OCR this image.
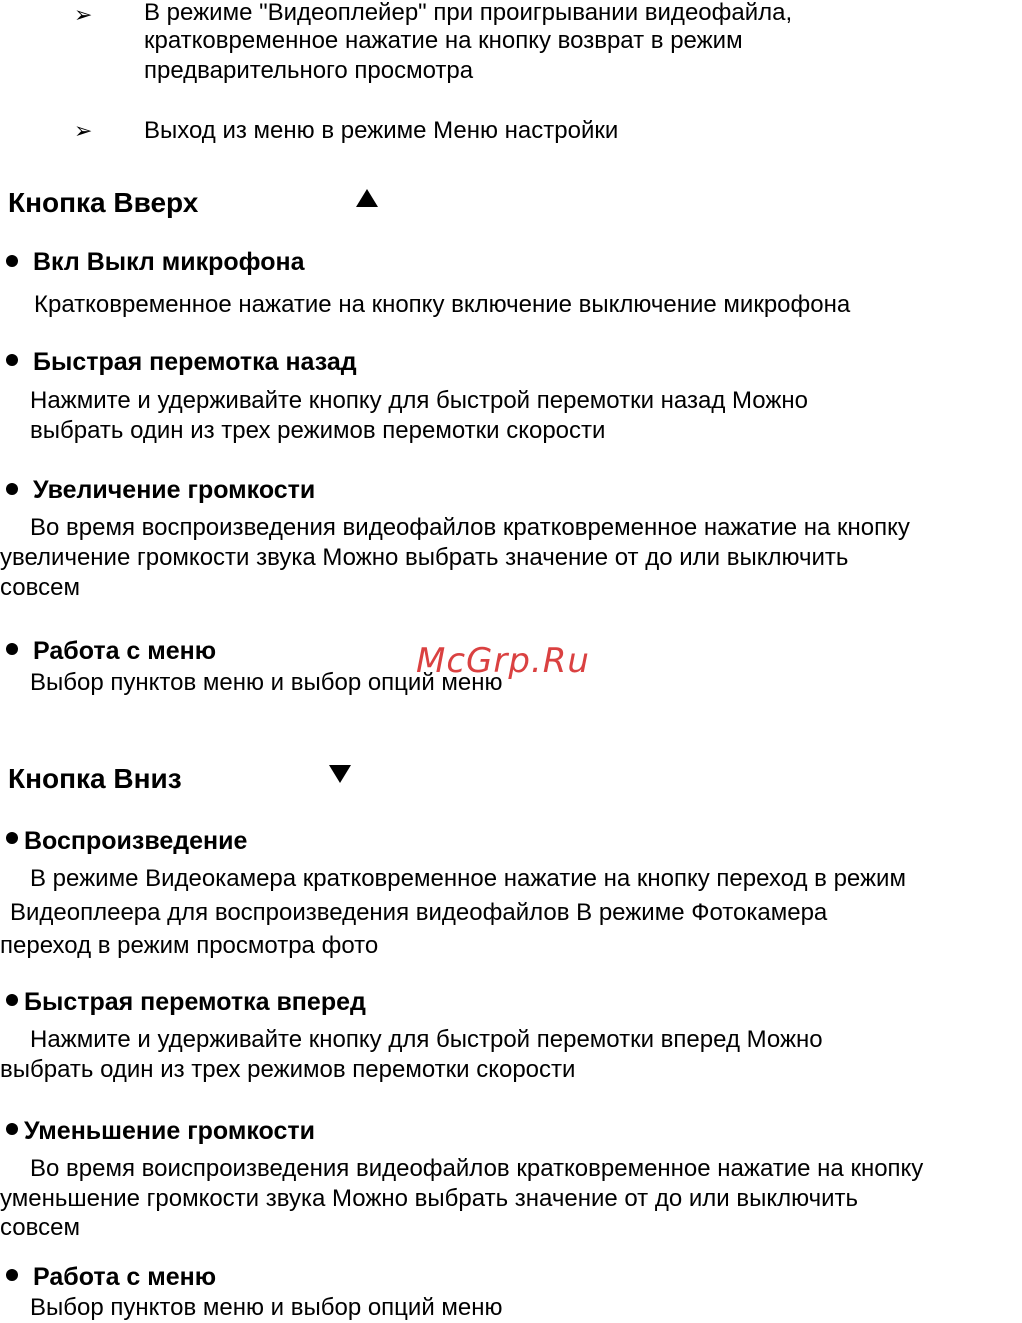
➢ В режиме "Видеоплейер" при проигрывании видеофайла,
кратковременное нажатие на кнопку возврат в режим
предварительного просмотра
➢ Выход из меню в режиме Меню настройки
Кнопка Вверх
Вкл Выкл микрофона
Кратковременное нажатие на кнопку включение выключение микрофона
Быстрая перемотка назад
Нажмите и удерживайте кнопку для быстрой перемотки назад Можно
выбрать один из трех режимов перемотки скорости
Увеличение громкости
Во время воспроизведения видеофайлов кратковременное нажатие на кнопку
увеличение громкости звука Можно выбрать значение от до или выключить
совсем
Работа с меню
Выбор пунктов меню и выбор опций меню
McGrp.Ru
Кнопка Вниз
Воспроизведение
В режиме Видеокамера кратковременное нажатие на кнопку переход в режим
Видеоплеера для воспроизведения видеофайлов В режиме Фотокамера
переход в режим просмотра фото
Быстрая перемотка вперед
Нажмите и удерживайте кнопку для быстрой перемотки вперед Можно
выбрать один из трех режимов перемотки скорости
Уменьшение громкости
Во время воиспроизведения видеофайлов кратковременное нажатие на кнопку
уменьшение громкости звука Можно выбрать значение от до или выключить
совсем
Работа с меню
Выбор пунктов меню и выбор опций меню
